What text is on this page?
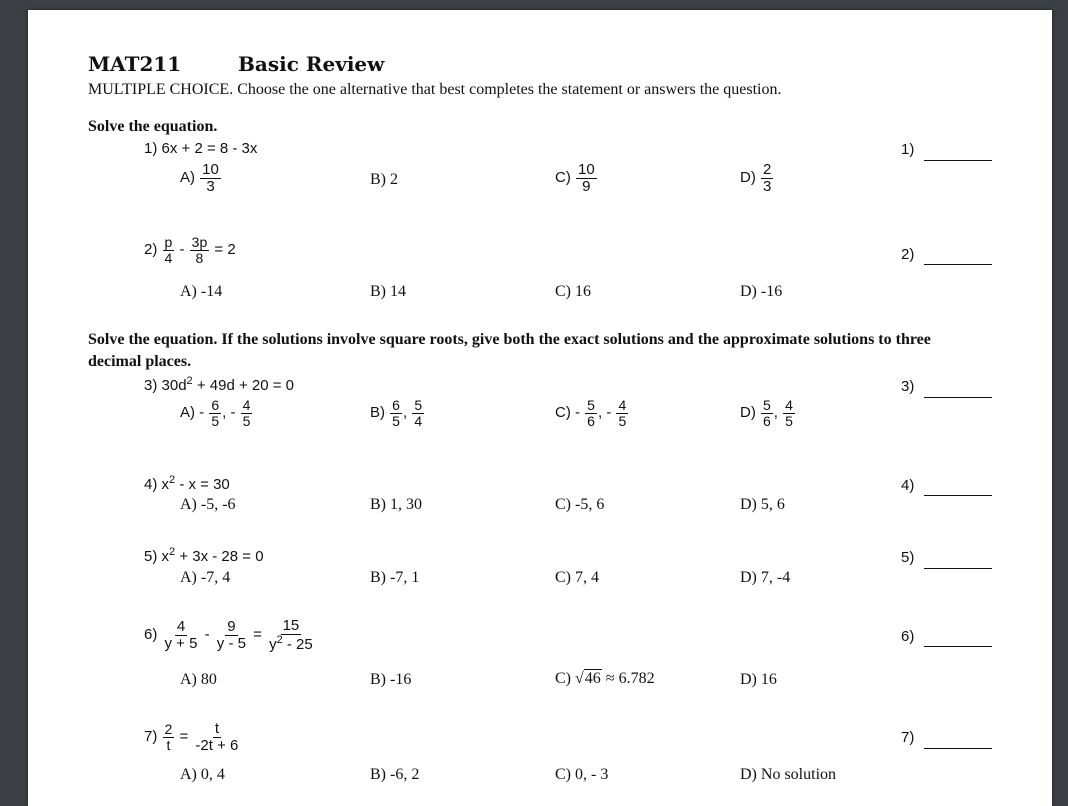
MAT211	Basic Review
MULTIPLE CHOICE. Choose the one alternative that best completes the statement or answers the question.
Solve the equation.
1) 6x + 2 = 8 - 3x	1)
$A) \frac{10}{3}$	B) 2	$C) \frac{10}{9}$	$D) \frac{2}{3}$
$2) \frac{p}{4} - \frac{3p}{8} = 2$	2)
A) -14	B) 14	C) 16	D) -16
Solve the equation. If the solutions involve square roots, give both the exact solutions and the approximate solutions to three decimal places.
3) $30d^2 + 49d + 20 = 0$	3)
$A) - \frac{6}{5}$ , - $\frac{4}{5}$	$B) \frac{6}{5}$ , $\frac{5}{4}$	$C) - \frac{5}{6}$ , - $\frac{4}{5}$	$D) \frac{5}{6}$ , $\frac{4}{5}$
4) $x^2 - x = 30$	4)
A) -5, -6	B) 1, 30	C) -5, 6	D) 5, 6
5) $x^2 + 3x - 28 = 0$	5)
A) -7, 4	B) -7, 1	C) 7, 4	D) 7, -4
$6) \frac{4}{y + 5} - \frac{9}{y - 5} = \frac{15}{y^2 - 25}$	6)
A) 80	B) -16	C) √46 ≈ 6.782	D) 16
$7) \frac{2}{t} = \frac{t}{-2t + 6}$	7)
A) 0, 4	B) -6, 2	C) 0, - 3	D) No solution
